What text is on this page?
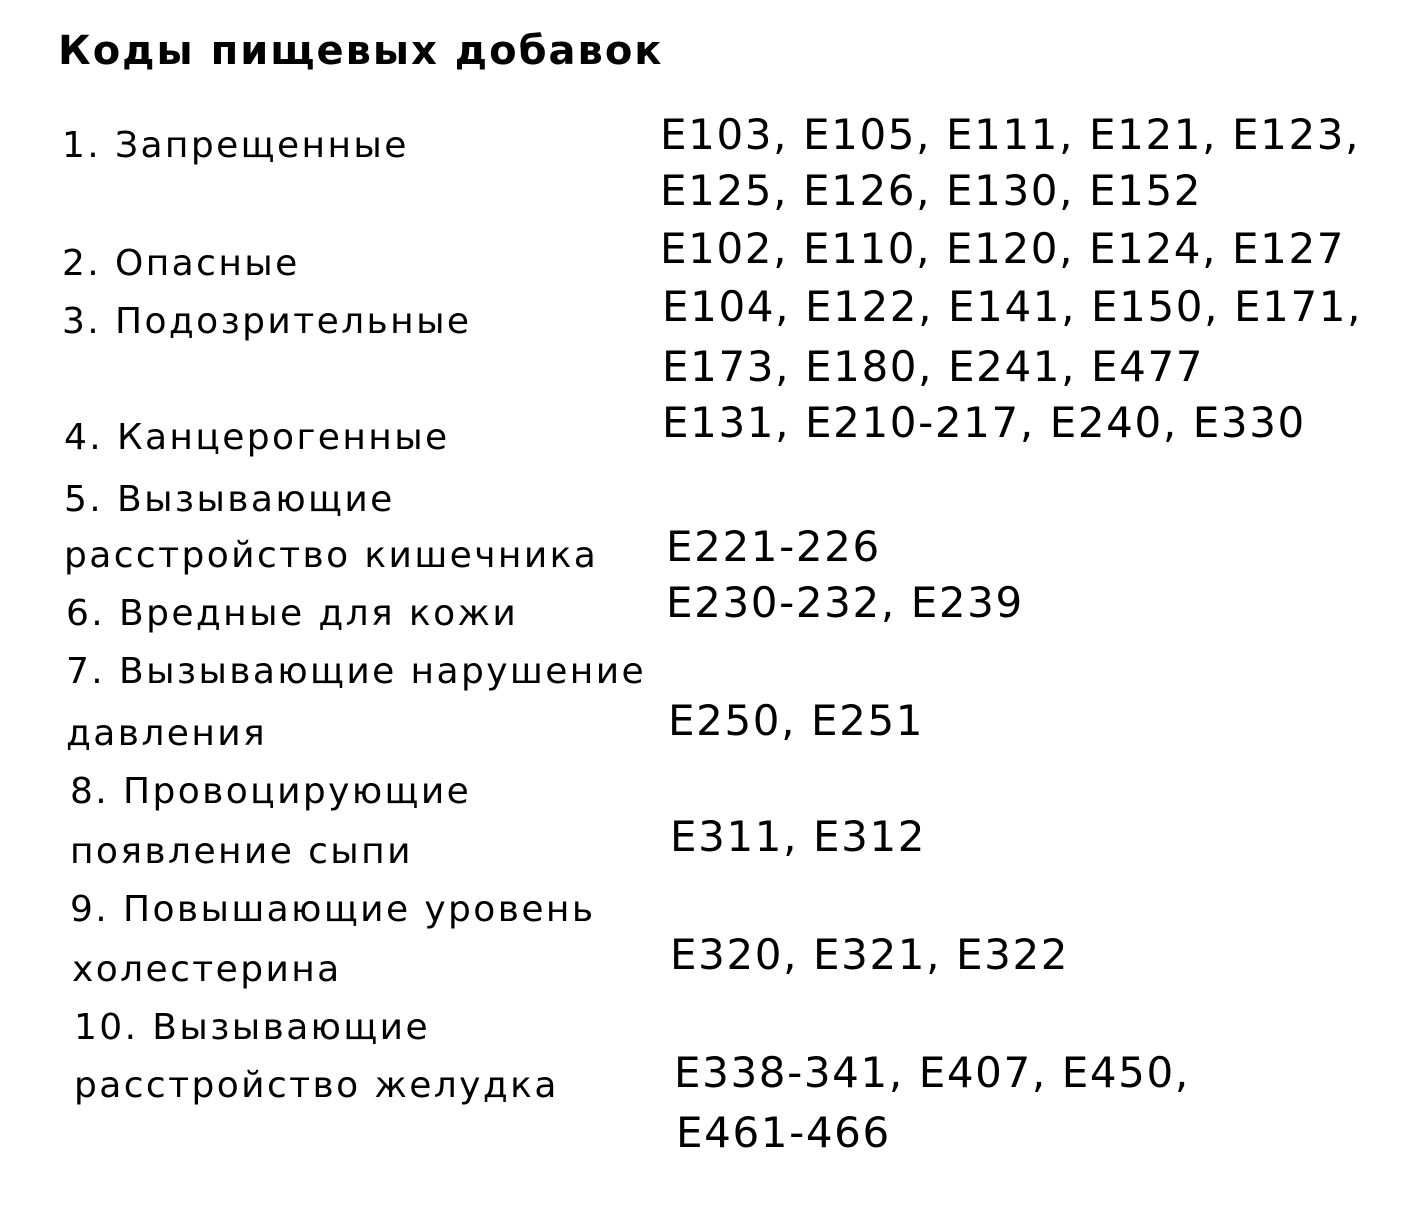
Коды пищевых добавок
1. Запрещенные	Е103, Е105, Е111, Е121, Е123,
Е125, Е126, Е130, Е152
2. Опасные	Е102, Е110, Е120, Е124, Е127
3. Подозрительные	Е104, Е122, Е141, Е150, Е171,
Е173, Е180, Е241, Е477
4. Канцерогенные	Е131, Е210-217, Е240, Е330
5. Вызывающие
расстройство кишечника Е221-226
6. Вредные для кожи	Е230-232, Е239
7. Вызывающие нарушение
давления	Е250, Е251
8. Провоцирующие
появление сыпи	Е311, Е312
9. Повышающие уровень
холестерина	Е320, Е321, Е322
10. Вызывающие
расстройство желудка	Е338-341, Е407, Е450,
Е461-466
